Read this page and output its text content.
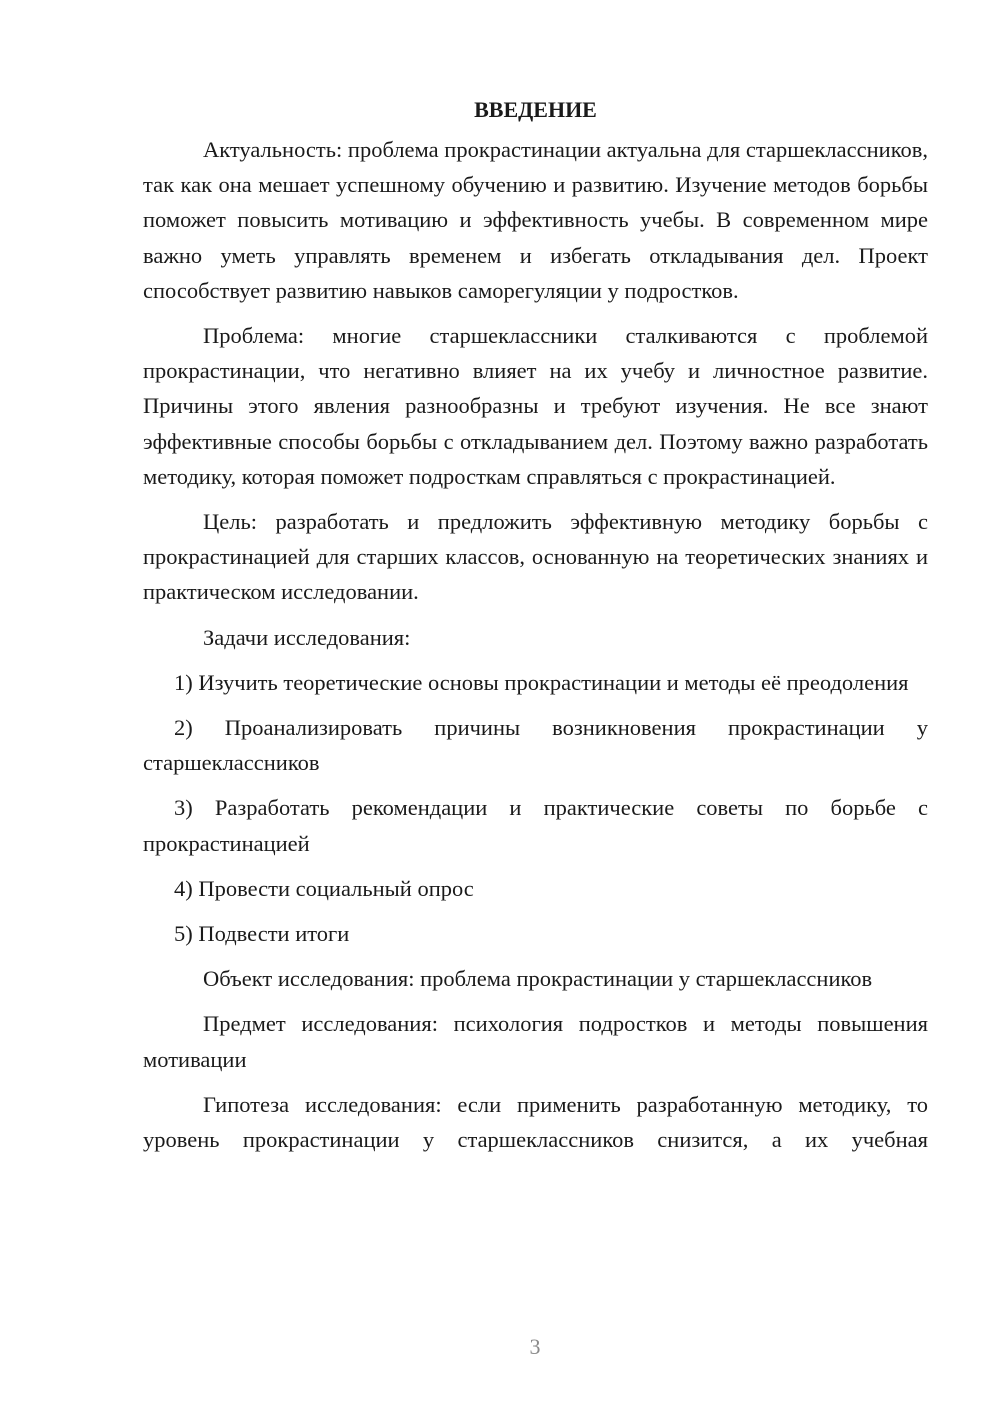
ВВЕДЕНИЕ

Актуальность: проблема прокрастинации актуальна для старшеклассников, так как она мешает успешному обучению и развитию. Изучение методов борьбы поможет повысить мотивацию и эффективность учебы. В современном мире важно уметь управлять временем и избегать откладывания дел. Проект способствует развитию навыков саморегуляции у подростков.

Проблема: многие старшеклассники сталкиваются с проблемой прокрастинации, что негативно влияет на их учебу и личностное развитие. Причины этого явления разнообразны и требуют изучения. Не все знают эффективные способы борьбы с откладыванием дел. Поэтому важно разработать методику, которая поможет подросткам справляться с прокрастинацией.

Цель: разработать и предложить эффективную методику борьбы с прокрастинацией для старших классов, основанную на теоретических знаниях и практическом исследовании.

Задачи исследования:

1) Изучить теоретические основы прокрастинации и методы её преодоления

2) Проанализировать причины возникновения прокрастинации у старшеклассников

3) Разработать рекомендации и практические советы по борьбе с прокрастинацией

4) Провести социальный опрос

5) Подвести итоги

Объект исследования: проблема прокрастинации у старшеклассников

Предмет исследования: психология подростков и методы повышения мотивации

Гипотеза исследования: если применить разработанную методику, то уровень прокрастинации у старшеклассников снизится, а их учебная

3
